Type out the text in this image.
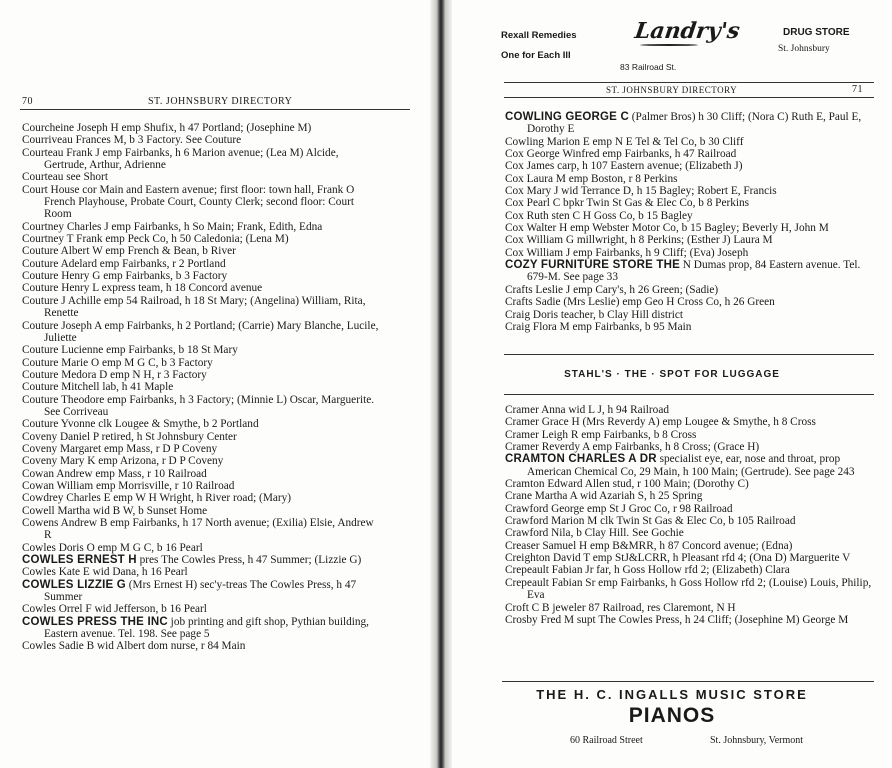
70	ST. JOHNSBURY DIRECTORY
Courcheine Joseph H emp Shufix, h 47 Portland; (Josephine M)
Courriveau Frances M, b 3 Factory. See Couture
Courteau Frank J emp Fairbanks, h 6 Marion avenue; (Lea M) Alcide, Gertrude, Arthur, Adrienne
Courteau see Short
Court House cor Main and Eastern avenue; first floor: town hall, Frank O French Playhouse, Probate Court, County Clerk; second floor: Court Room
Courtney Charles J emp Fairbanks, h So Main; Frank, Edith, Edna
Courtney T Frank emp Peck Co, h 50 Caledonia; (Lena M)
Couture Albert W emp French & Bean, b River
Couture Adelard emp Fairbanks, r 2 Portland
Couture Henry G emp Fairbanks, b 3 Factory
Couture Henry L express team, h 18 Concord avenue
Couture J Achille emp 54 Railroad, h 18 St Mary; (Angelina) William, Rita, Renette
Couture Joseph A emp Fairbanks, h 2 Portland; (Carrie) Mary Blanche, Lucile, Juliette
Couture Lucienne emp Fairbanks, b 18 St Mary
Couture Marie O emp M G C, b 3 Factory
Couture Medora D emp N H, r 3 Factory
Couture Mitchell lab, h 41 Maple
Couture Theodore emp Fairbanks, h 3 Factory; (Minnie L) Oscar, Marguerite. See Corriveau
Couture Yvonne clk Lougee & Smythe, b 2 Portland
Coveny Daniel P retired, h St Johnsbury Center
Coveny Margaret emp Mass, r D P Coveny
Coveny Mary K emp Arizona, r D P Coveny
Cowan Andrew emp Mass, r 10 Railroad
Cowan William emp Morrisville, r 10 Railroad
Cowdrey Charles E emp W H Wright, h River road; (Mary)
Cowell Martha wid B W, b Sunset Home
Cowens Andrew B emp Fairbanks, h 17 North avenue; (Exilia) Elsie, Andrew R
Cowles Doris O emp M G C, b 16 Pearl
COWLES ERNEST H pres The Cowles Press, h 47 Summer; (Lizzie G)
Cowles Kate E wid Dana, h 16 Pearl
COWLES LIZZIE G (Mrs Ernest H) sec'y-treas The Cowles Press, h 47 Summer
Cowles Orrel F wid Jefferson, b 16 Pearl
COWLES PRESS THE INC job printing and gift shop, Pythian building, Eastern avenue. Tel. 198. See page 5
Cowles Sadie B wid Albert dom nurse, r 84 Main
Rexall Remedies
One for Each Ill
Landry's
83 Railroad St.
DRUG STORE
St. Johnsbury
ST. JOHNSBURY DIRECTORY	71
COWLING GEORGE C (Palmer Bros) h 30 Cliff; (Nora C) Ruth E, Paul E, Dorothy E
Cowling Marion E emp N E Tel & Tel Co, b 30 Cliff
Cox George Winfred emp Fairbanks, h 47 Railroad
Cox James carp, h 107 Eastern avenue; (Elizabeth J)
Cox Laura M emp Boston, r 8 Perkins
Cox Mary J wid Terrance D, h 15 Bagley; Robert E, Francis
Cox Pearl C bpkr Twin St Gas & Elec Co, b 8 Perkins
Cox Ruth sten C H Goss Co, b 15 Bagley
Cox Walter H emp Webster Motor Co, b 15 Bagley; Beverly H, John M
Cox William G millwright, h 8 Perkins; (Esther J) Laura M
Cox William J emp Fairbanks, h 9 Cliff; (Eva) Joseph
COZY FURNITURE STORE THE N Dumas prop, 84 Eastern avenue. Tel. 679-M. See page 33
Crafts Leslie J emp Cary's, h 26 Green; (Sadie)
Crafts Sadie (Mrs Leslie) emp Geo H Cross Co, h 26 Green
Craig Doris teacher, b Clay Hill district
Craig Flora M emp Fairbanks, b 95 Main
STAHL'S · THE · SPOT FOR LUGGAGE
Cramer Anna wid L J, h 94 Railroad
Cramer Grace H (Mrs Reverdy A) emp Lougee & Smythe, h 8 Cross
Cramer Leigh R emp Fairbanks, b 8 Cross
Cramer Reverdy A emp Fairbanks, h 8 Cross; (Grace H)
CRAMTON CHARLES A DR specialist eye, ear, nose and throat, prop American Chemical Co, 29 Main, h 100 Main; (Gertrude). See page 243
Cramton Edward Allen stud, r 100 Main; (Dorothy C)
Crane Martha A wid Azariah S, h 25 Spring
Crawford George emp St J Groc Co, r 98 Railroad
Crawford Marion M clk Twin St Gas & Elec Co, b 105 Railroad
Crawford Nila, b Clay Hill. See Gochie
Creaser Samuel H emp B&MRR, h 87 Concord avenue; (Edna)
Creighton David T emp StJ&LCRR, h Pleasant rfd 4; (Ona D) Marguerite V
Crepeault Fabian Jr far, h Goss Hollow rfd 2; (Elizabeth) Clara
Crepeault Fabian Sr emp Fairbanks, h Goss Hollow rfd 2; (Louise) Louis, Philip, Eva
Croft C B jeweler 87 Railroad, res Claremont, N H
Crosby Fred M supt The Cowles Press, h 24 Cliff; (Josephine M) George M
THE H. C. INGALLS MUSIC STORE
PIANOS
60 Railroad Street	St. Johnsbury, Vermont
